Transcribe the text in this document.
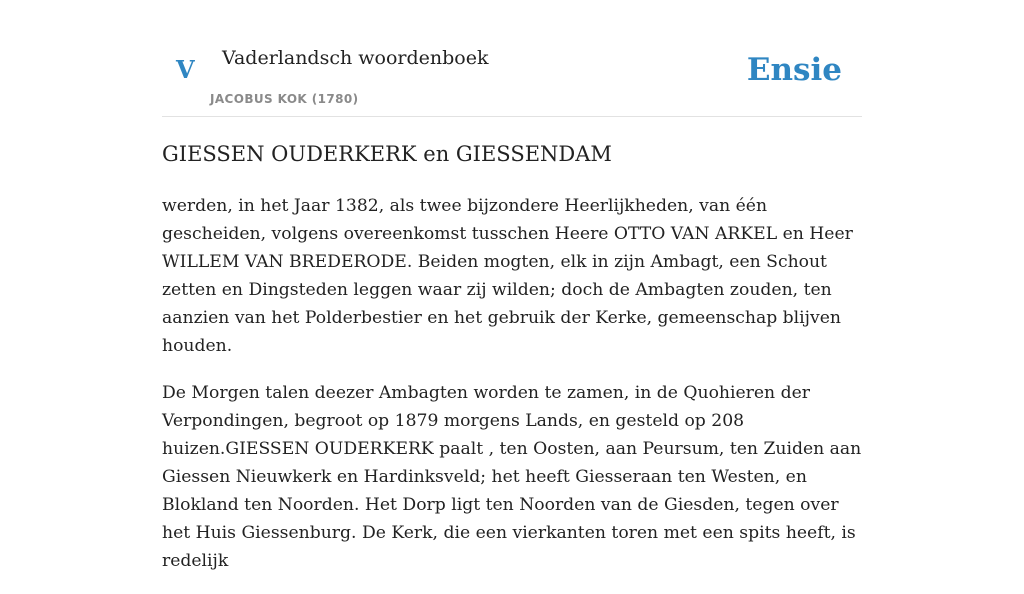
V Vaderlandsch woordenboek
JACOBUS KOK (1780)
Ensie
GIESSEN OUDERKERK en GIESSENDAM

werden, in het Jaar 1382, als twee bijzondere Heerlijkheden, van één gescheiden, volgens overeenkomst tusschen Heere OTTO VAN ARKEL en Heer WILLEM VAN BREDERODE. Beiden mogten, elk in zijn Ambagt, een Schout zetten en Dingsteden leggen waar zij wilden; doch de Ambagten zouden, ten aanzien van het Polderbestier en het gebruik der Kerke, gemeenschap blijven houden.

De Morgen talen deezer Ambagten worden te zamen, in de Quohieren der Verpondingen, begroot op 1879 morgens Lands, en gesteld op 208 huizen.GIESSEN OUDERKERK paalt , ten Oosten, aan Peursum, ten Zuiden aan Giessen Nieuwkerk en Hardinksveld; het heeft Giesseraan ten Westen, en Blokland ten Noorden. Het Dorp ligt ten Noorden van de Giesden, tegen over het Huis Giessenburg. De Kerk, die een vierkanten toren met een spits heeft, is redelijk
